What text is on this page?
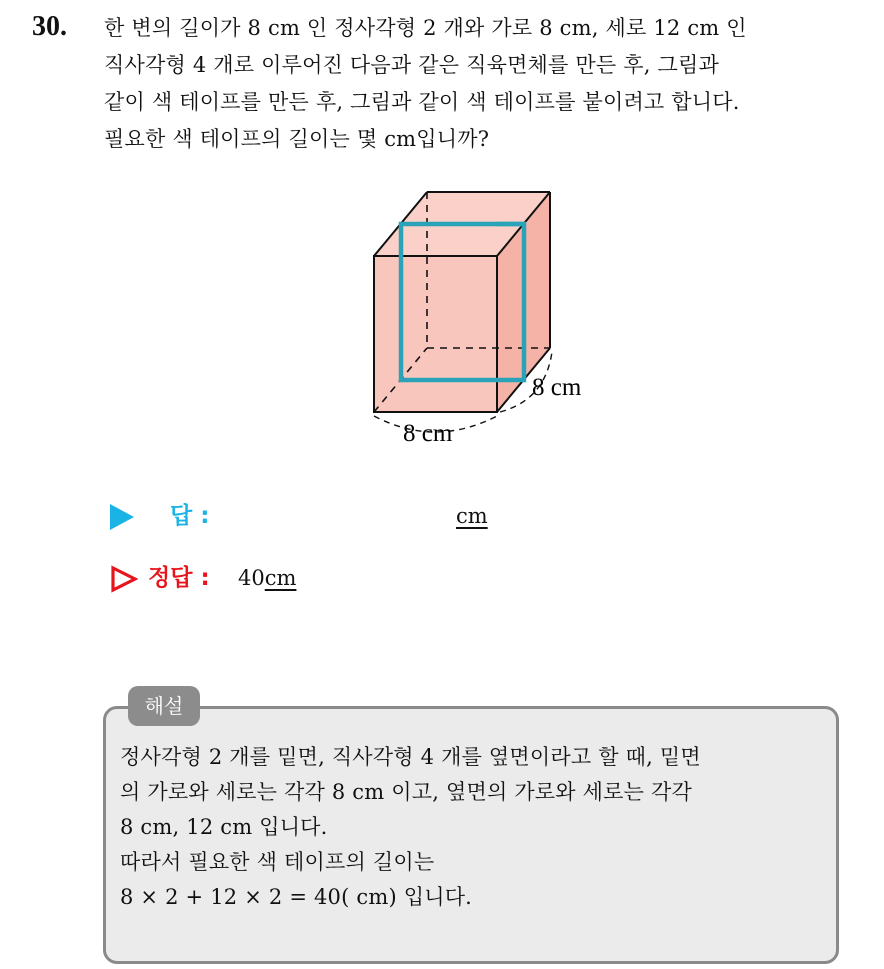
30. 한 변의 길이가 8 cm 인 정사각형 2 개와 가로 8 cm, 세로 12 cm 인
직사각형 4 개로 이루어진 다음과 같은 직육면체를 만든 후, 그림과
같이 색 테이프를 만든 후, 그림과 같이 색 테이프를 붙이려고 합니다.
필요한 색 테이프의 길이는 몇 cm입니까?
8 cm
8 cm
답 :	cm
정답 : 40cm
해설
정사각형 2 개를 밑면, 직사각형 4 개를 옆면이라고 할 때, 밑면
의 가로와 세로는 각각 8 cm 이고, 옆면의 가로와 세로는 각각
8 cm, 12 cm 입니다.
따라서 필요한 색 테이프의 길이는
8 × 2 + 12 × 2 = 40( cm) 입니다.
